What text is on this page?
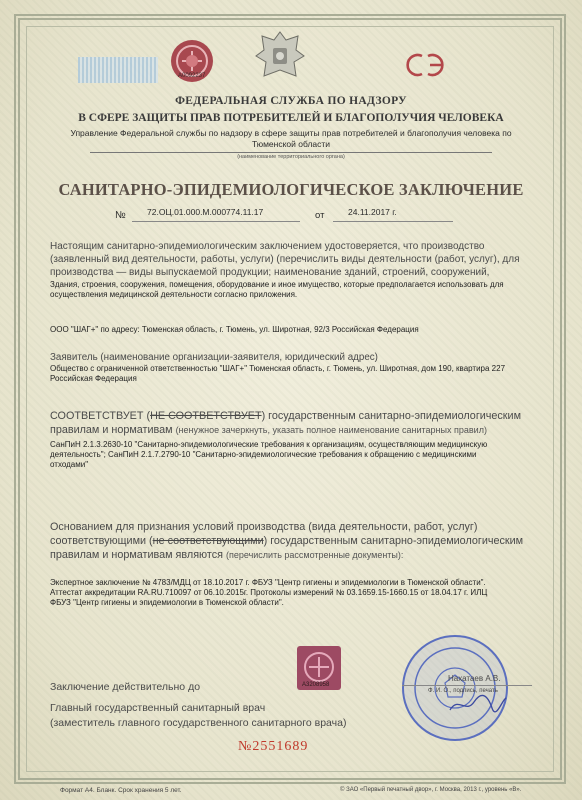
А0092237
ФЕДЕРАЛЬНАЯ СЛУЖБА ПО НАДЗОРУ
В СФЕРЕ ЗАЩИТЫ ПРАВ ПОТРЕБИТЕЛЕЙ И БЛАГОПОЛУЧИЯ ЧЕЛОВЕКА
Управление Федеральной службы по надзору в сфере защиты прав потребителей и благополучия человека по Тюменской области
(наименование территориального органа)
САНИТАРНО-ЭПИДЕМИОЛОГИЧЕСКОЕ ЗАКЛЮЧЕНИЕ
№	72.ОЦ.01.000.М.000774.11.17	от	24.11.2017 г.
Настоящим санитарно-эпидемиологическим заключением удостоверяется, что производство (заявленный вид деятельности, работы, услуги) (перечислить виды деятельности (работ, услуг), для производства — виды выпускаемой продукции; наименование зданий, строений, сооружений,
Здания, строения, сооружения, помещения, оборудование и иное имущество, которые предполагается использовать для осуществления медицинской деятельности согласно приложения.
ООО "ШАГ+" по адресу: Тюменская область, г. Тюмень, ул. Широтная, 92/3 Российская Федерация
Заявитель (наименование организации-заявителя, юридический адрес)
Общество с ограниченной ответственностью "ШАГ+" Тюменская область, г. Тюмень, ул. Широтная, дом 190, квартира 227 Российская Федерация
СООТВЕТСТВУЕТ (НЕ СООТВЕТСТВУЕТ) государственным санитарно-эпидемиологическим правилам и нормативам (ненужное зачеркнуть, указать полное наименование санитарных правил)
СанПиН 2.1.3.2630-10 "Санитарно-эпидемиологические требования к организациям, осуществляющим медицинскую деятельность"; СанПиН 2.1.7.2790-10 "Санитарно-эпидемиологические требования к обращению с медицинскими отходами"
Основанием для признания условий производства (вида деятельности, работ, услуг) соответствующими (не соответствующими) государственным санитарно-эпидемиологическим правилам и нормативам являются (перечислить рассмотренные документы):
Экспертное заключение № 4783/МДЦ от 18.10.2017 г. ФБУЗ "Центр гигиены и эпидемиологии в Тюменской области". Аттестат аккредитации RA.RU.710097 от 06.10.2015г. Протоколы измерений № 03.1659.15-1660.15 от 18.04.17 г. ИЛЦ ФБУЗ "Центр гигиены и эпидемиологии в Тюменской области".
А3208958
Нахатаев А.В.
Ф. И. О., подпись, печать
Заключение действительно до
Главный государственный санитарный врач
(заместитель главного государственного санитарного врача)
№2551689
Формат А4. Бланк. Срок хранения 5 лет.	© ЗАО «Первый печатный двор», г. Москва, 2013 г., уровень «В».
